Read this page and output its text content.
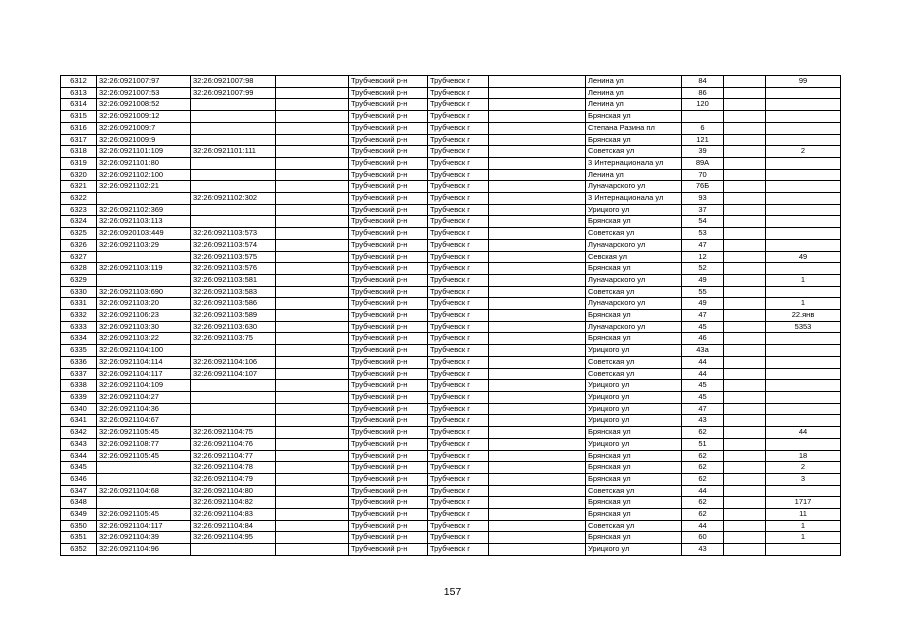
6312	32:26:0921007:97	32:26:0921007:98		Трубчевский р-н	Трубчевск г		Ленина ул	84		99
6313	32:26:0921007:53	32:26:0921007:99		Трубчевский р-н	Трубчевск г		Ленина ул	86		
6314	32:26:0921008:52			Трубчевский р-н	Трубчевск г		Ленина ул	120		
6315	32:26:0921009:12			Трубчевский р-н	Трубчевск г		Брянская ул			
6316	32:26:0921009:7			Трубчевский р-н	Трубчевск г		Степана Разина пл	6		
6317	32:26:0921009:9			Трубчевский р-н	Трубчевск г		Брянская ул	121		
6318	32:26:0921101:109	32:26:0921101:111		Трубчевский р-н	Трубчевск г		Советская ул	39		2
6319	32:26:0921101:80			Трубчевский р-н	Трубчевск г		3 Интернационала ул	89А		
6320	32:26:0921102:100			Трубчевский р-н	Трубчевск г		Ленина ул	70		
6321	32:26:0921102:21			Трубчевский р-н	Трубчевск г		Луначарского ул	76Б		
6322		32:26:0921102:302		Трубчевский р-н	Трубчевск г		3 Интернационала ул	93		
6323	32:26:0921102:369			Трубчевский р-н	Трубчевск г		Урицкого ул	37		
6324	32:26:0921103:113			Трубчевский р-н	Трубчевск г		Брянская ул	54		
6325	32:26:0920103:449	32:26:0921103:573		Трубчевский р-н	Трубчевск г		Советская ул	53		
6326	32:26:0921103:29	32:26:0921103:574		Трубчевский р-н	Трубчевск г		Луначарского ул	47		
6327		32:26:0921103:575		Трубчевский р-н	Трубчевск г		Севская ул	12		49
6328	32:26:0921103:119	32:26:0921103:576		Трубчевский р-н	Трубчевск г		Брянская ул	52		
6329		32:26:0921103:581		Трубчевский р-н	Трубчевск г		Луначарского ул	49		1
6330	32:26:0921103:690	32:26:0921103:583		Трубчевский р-н	Трубчевск г		Советская ул	55		
6331	32:26:0921103:20	32:26:0921103:586		Трубчевский р-н	Трубчевск г		Луначарского ул	49		1
6332	32:26:0921106:23	32:26:0921103:589		Трубчевский р-н	Трубчевск г		Брянская ул	47		22.янв
6333	32:26:0921103:30	32:26:0921103:630		Трубчевский р-н	Трубчевск г		Луначарского ул	45		5353
6334	32:26:0921103:22	32:26:0921103:75		Трубчевский р-н	Трубчевск г		Брянская ул	46		
6335	32:26:0921104:100			Трубчевский р-н	Трубчевск г		Урицкого ул	43а		
6336	32:26:0921104:114	32:26:0921104:106		Трубчевский р-н	Трубчевск г		Советская ул	44		
6337	32:26:0921104:117	32:26:0921104:107		Трубчевский р-н	Трубчевск г		Советская ул	44		
6338	32:26:0921104:109			Трубчевский р-н	Трубчевск г		Урицкого ул	45		
6339	32:26:0921104:27			Трубчевский р-н	Трубчевск г		Урицкого ул	45		
6340	32:26:0921104:36			Трубчевский р-н	Трубчевск г		Урицкого ул	47		
6341	32:26:0921104:67			Трубчевский р-н	Трубчевск г		Урицкого ул	43		
6342	32:26:0921105:45	32:26:0921104:75		Трубчевский р-н	Трубчевск г		Брянская ул	62		44
6343	32:26:0921108:77	32:26:0921104:76		Трубчевский р-н	Трубчевск г		Урицкого ул	51		
6344	32:26:0921105:45	32:26:0921104:77		Трубчевский р-н	Трубчевск г		Брянская ул	62		18
6345		32:26:0921104:78		Трубчевский р-н	Трубчевск г		Брянская ул	62		2
6346		32:26:0921104:79		Трубчевский р-н	Трубчевск г		Брянская ул	62		3
6347	32:26:0921104:68	32:26:0921104:80		Трубчевский р-н	Трубчевск г		Советская ул	44		
6348		32:26:0921104:82		Трубчевский р-н	Трубчевск г		Брянская ул	62		1717
6349	32:26:0921105:45	32:26:0921104:83		Трубчевский р-н	Трубчевск г		Брянская ул	62		11
6350	32:26:0921104:117	32:26:0921104:84		Трубчевский р-н	Трубчевск г		Советская ул	44		1
6351	32:26:0921104:39	32:26:0921104:95		Трубчевский р-н	Трубчевск г		Брянская ул	60		1
6352	32:26:0921104:96			Трубчевский р-н	Трубчевск г		Урицкого ул	43		
157
